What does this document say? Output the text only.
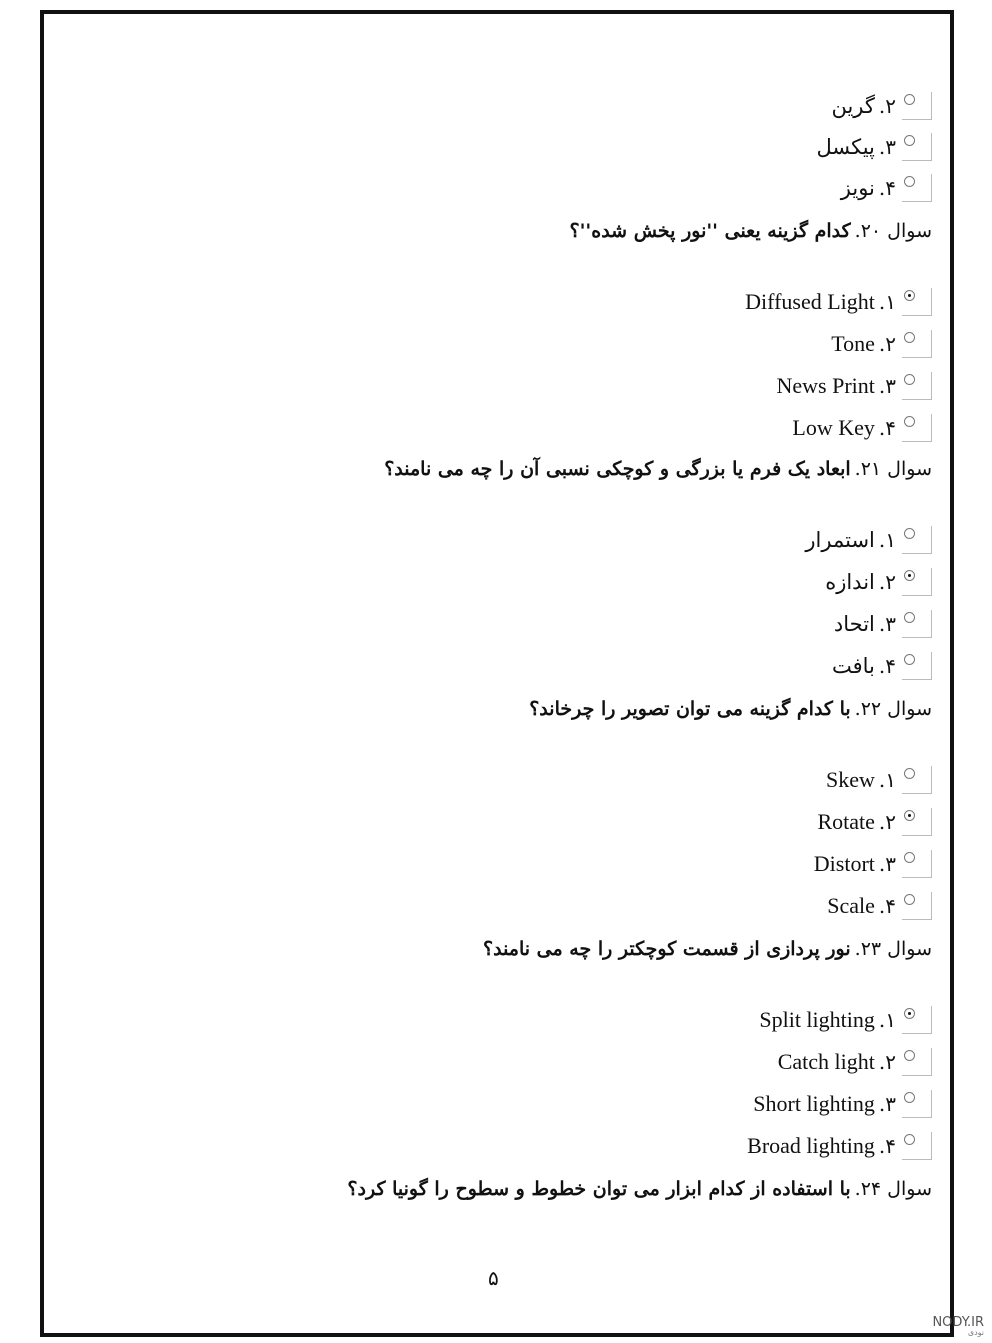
۲.
گرین
۳.
پیکسل
۴.
نویز
سوال ۲۰.
کدام گزینه یعنی ''نور پخش شده''؟
۱.
Diffused Light
۲.
Tone
۳.
News Print
۴.
Low Key
سوال ۲۱.
ابعاد یک فرم یا بزرگی و کوچکی نسبی آن را چه می نامند؟
۱.
استمرار
۲.
اندازه
۳.
اتحاد
۴.
بافت
سوال ۲۲.
با کدام گزینه می توان تصویر را چرخاند؟
۱.
Skew
۲.
Rotate
۳.
Distort
۴.
Scale
سوال ۲۳.
نور پردازی از قسمت کوچکتر را چه می نامند؟
۱.
Split lighting
۲.
Catch light
۳.
Short lighting
۴.
Broad lighting
سوال ۲۴.
با استفاده از کدام ابزار می توان خطوط و سطوح را گونیا کرد؟
۵
NODY.IR
نودی
